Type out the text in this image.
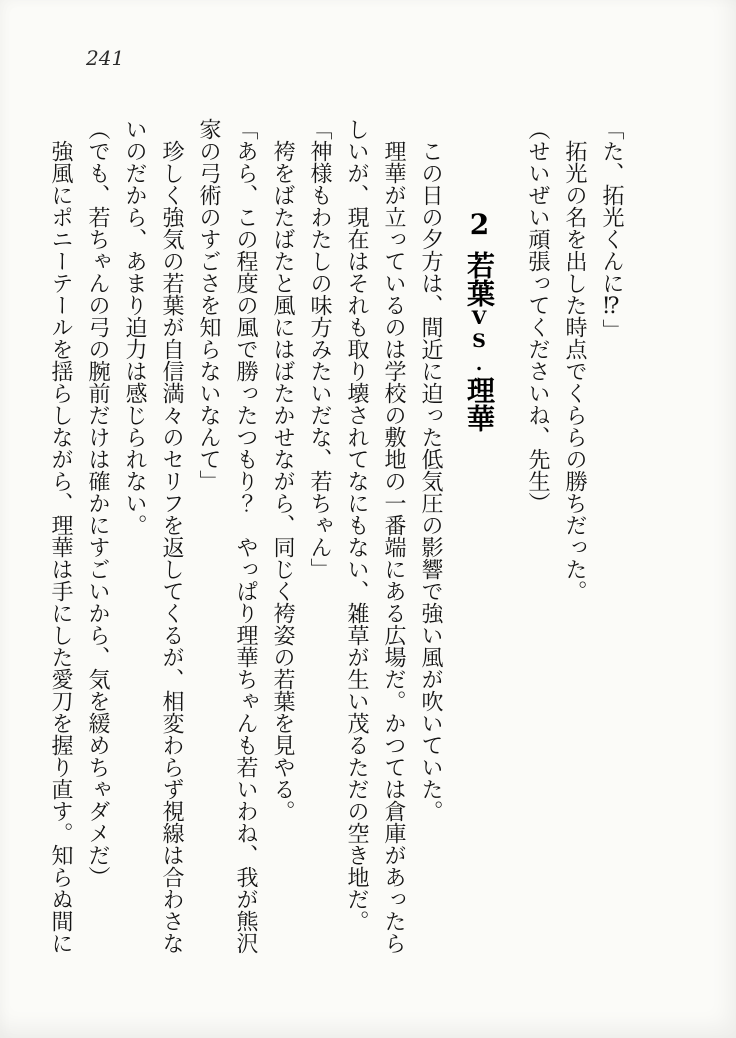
241

「た、拓光くんに⁉」

拓光の名を出した時点でくららの勝ちだった。

（せいぜい頑張ってくださいね、先生）

2若葉VS.理華

この日の夕方は、間近に迫った低気圧の影響で強い風が吹いていた。

理華が立っているのは学校の敷地の一番端にある広場だ。かつては倉庫があったらしいが、現在はそれも取り壊されてなにもない、雑草が生い茂るただの空き地だ。

「神様もわたしの味方みたいだな、若ちゃん」

袴をばたばたと風にはばたかせながら、同じく袴姿の若葉を見やる。

「あら、この程度の風で勝ったつもり？　やっぱり理華ちゃんも若いわね、我が熊沢家の弓術のすごさを知らないなんて」

珍しく強気の若葉が自信満々のセリフを返してくるが、相変わらず視線は合わさないのだから、あまり迫力は感じられない。

（でも、若ちゃんの弓の腕前だけは確かにすごいから、気を緩めちゃダメだ）

強風にポニーテールを揺らしながら、理華は手にした愛刀を握り直す。知らぬ間に
